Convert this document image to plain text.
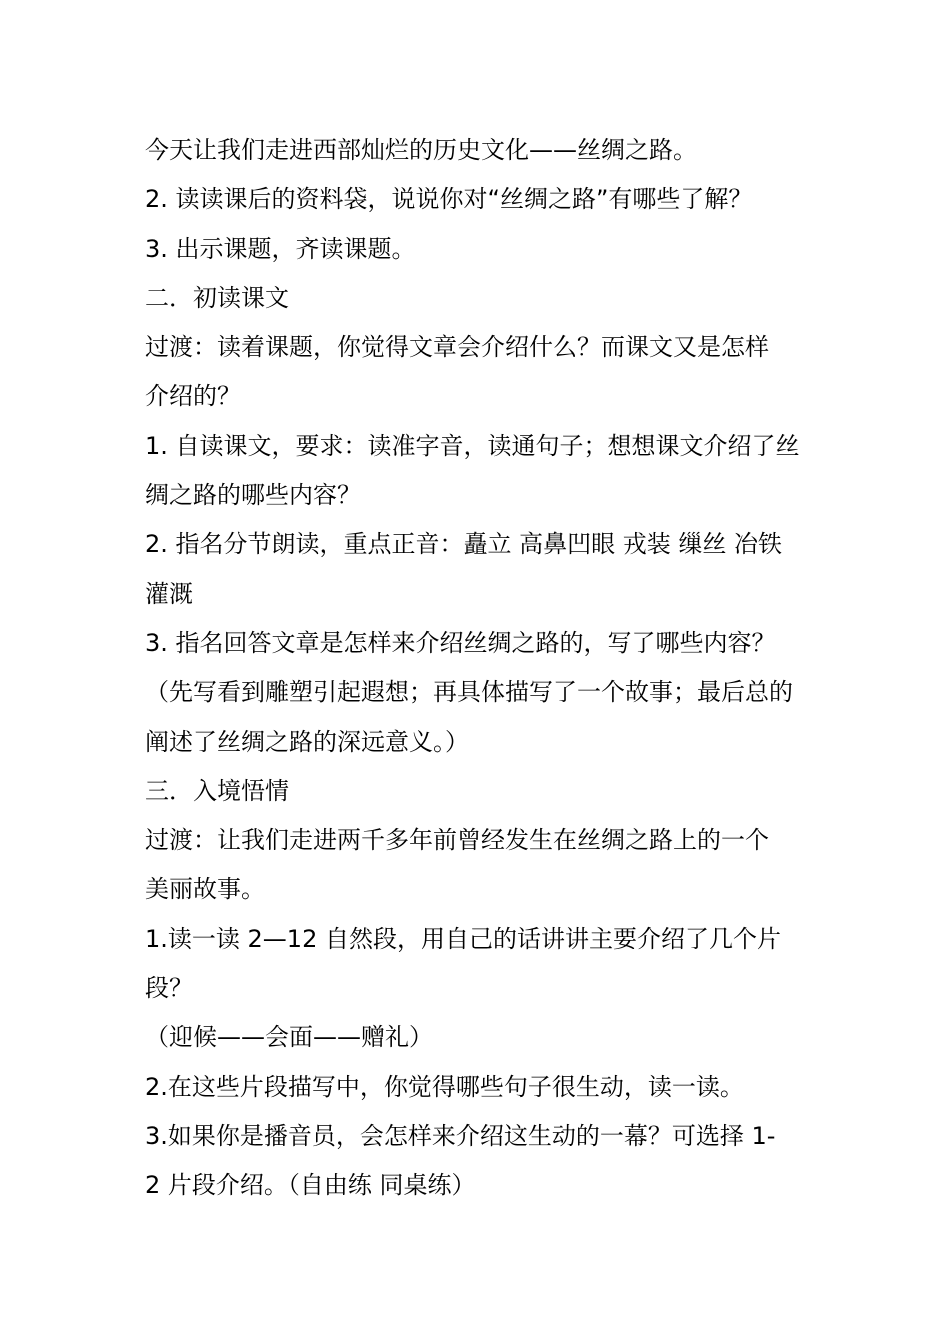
今天让我们走进西部灿烂的历史文化——丝绸之路。
2. 读读课后的资料袋，说说你对“丝绸之路”有哪些了解？
3. 出示课题，齐读课题。
二．初读课文
过渡：读着课题，你觉得文章会介绍什么？而课文又是怎样
介绍的？
1. 自读课文，要求：读准字音，读通句子；想想课文介绍了丝
绸之路的哪些内容？
2. 指名分节朗读，重点正音：矗立 高鼻凹眼 戎装 缫丝 冶铁
灌溉
3. 指名回答文章是怎样来介绍丝绸之路的，写了哪些内容？
（先写看到雕塑引起遐想；再具体描写了一个故事；最后总的
阐述了丝绸之路的深远意义。）
三．入境悟情
过渡：让我们走进两千多年前曾经发生在丝绸之路上的一个
美丽故事。
1.读一读 2—12 自然段，用自己的话讲讲主要介绍了几个片
段？
（迎候——会面——赠礼）
2.在这些片段描写中，你觉得哪些句子很生动，读一读。
3.如果你是播音员，会怎样来介绍这生动的一幕？可选择 1-
2 片段介绍。（自由练 同桌练）
